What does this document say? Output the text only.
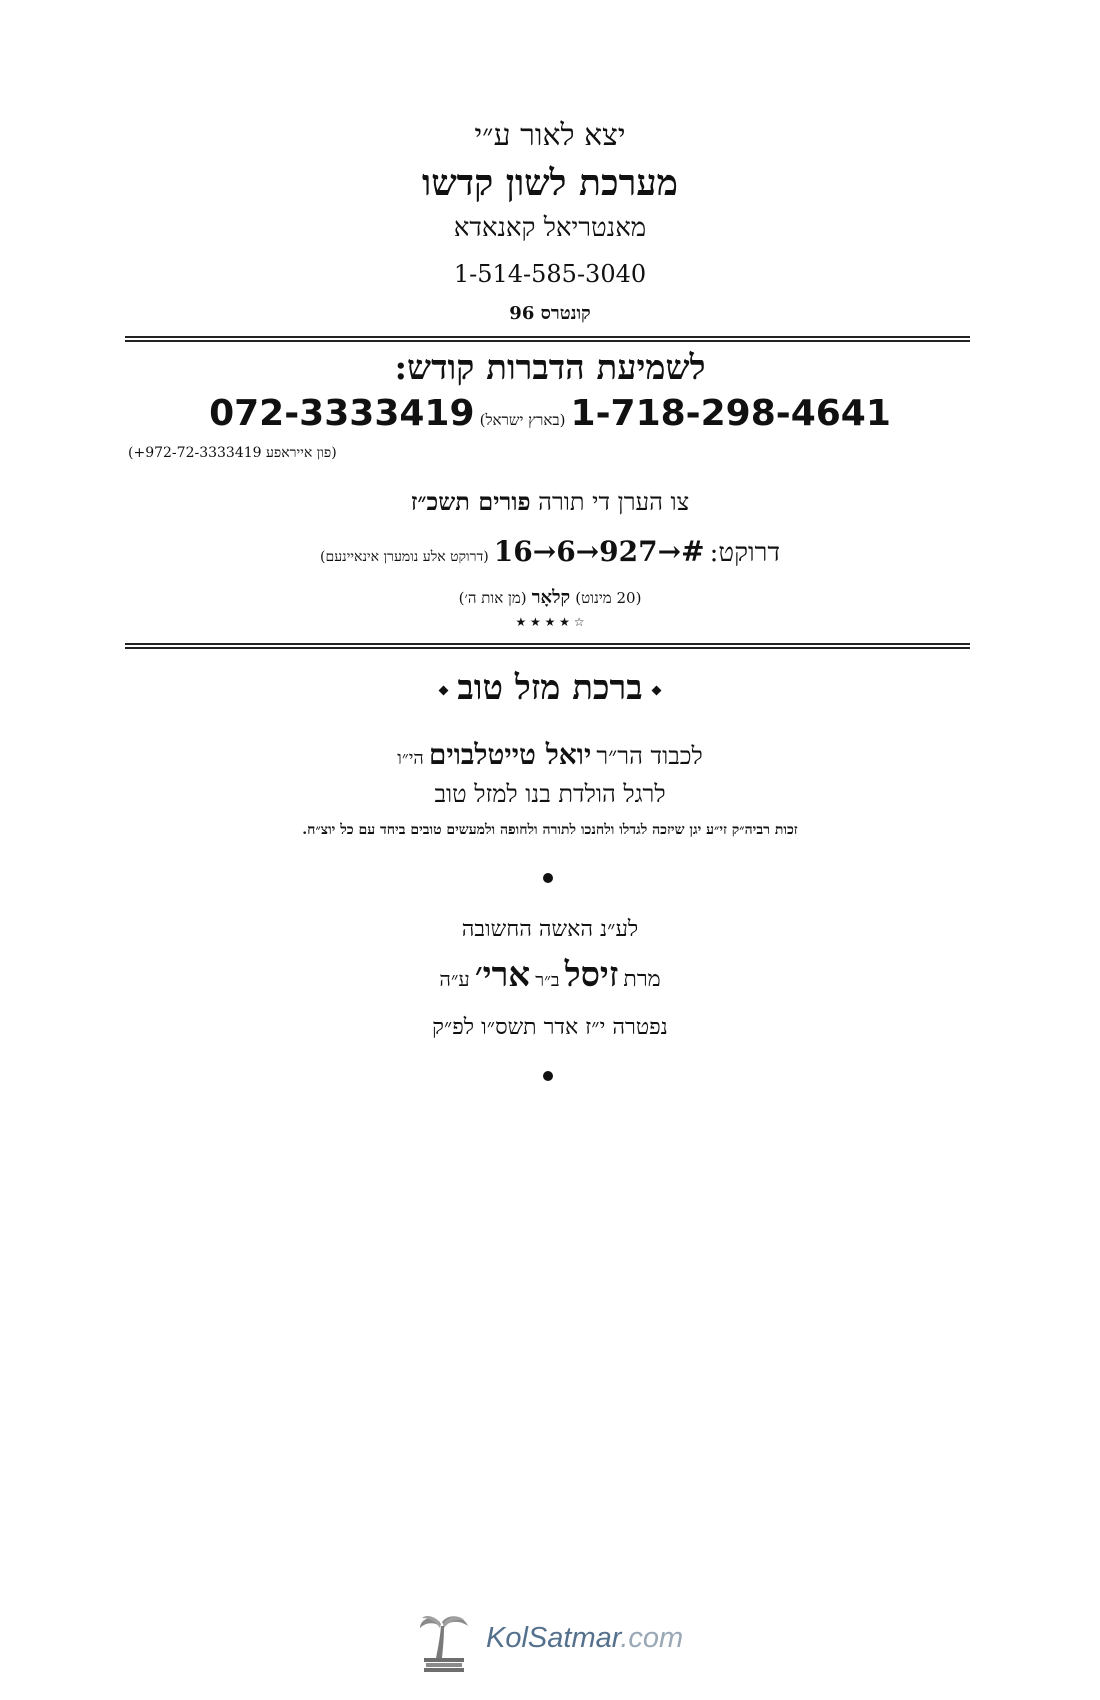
יצא לאור ע״י
מערכת לשון קדשו
מאנטריאל קאנאדא
1-514-585-3040
קונטרס 96
לשמיעת הדברות קודש:
1-718-298-4641 (בארץ ישראל) 072-3333419
(פון אייראפע 972-72-3333419+)
צו הערן די תורה פורים תשכ״ז
דרוקט: 16→6→927→# (דרוקט אלע נומערן אינאיינעם)
(20 מינוט) קלאָר (מן אות ה׳)
★ ★ ★ ★ ☆
ברכת מזל טוב
לכבוד הר״ר יואל טייטלבוים הי״ו
לרגל הולדת בנו למזל טוב
זכות רביה״ק זי״ע יגן שיזכה לגדלו ולחנכו לתורה ולחופה ולמעשים טובים ביחד עם כל יוצ״ח.
לע״נ האשה החשובה
מרת זיסל ב״ר ארי׳ ע״ה
נפטרה י״ז אדר תשס״ו לפ״ק
KolSatmar.com
